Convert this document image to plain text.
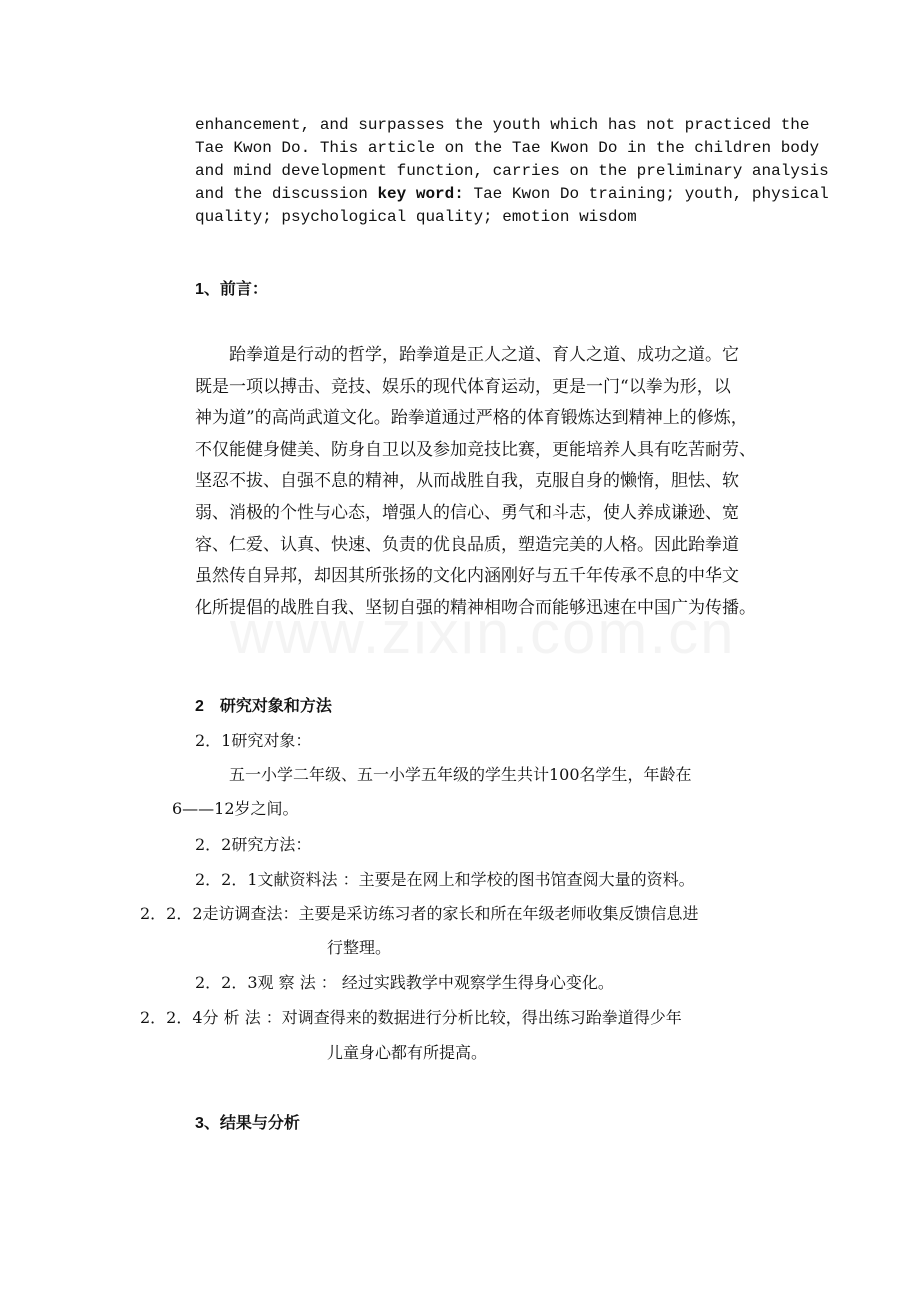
enhancement, and surpasses the youth which has not practiced the
Tae Kwon Do. This article on the Tae Kwon Do in the children body
and mind development function, carries on the preliminary analysis
and the discussion key word: Tae Kwon Do training; youth, physical
quality; psychological quality; emotion wisdom
1、前言：
　　跆拳道是行动的哲学，跆拳道是正人之道、育人之道、成功之道。它
既是一项以搏击、竞技、娱乐的现代体育运动，更是一门“以拳为形，以
神为道”的高尚武道文化。跆拳道通过严格的体育锻炼达到精神上的修炼，
不仅能健身健美、防身自卫以及参加竞技比赛，更能培养人具有吃苦耐劳、
坚忍不拔、自强不息的精神，从而战胜自我，克服自身的懒惰，胆怯、软
弱、消极的个性与心态，增强人的信心、勇气和斗志，使人养成谦逊、宽
容、仁爱、认真、快速、负责的优良品质，塑造完美的人格。因此跆拳道
虽然传自异邦，却因其所张扬的文化内涵刚好与五千年传承不息的中华文
化所提倡的战胜自我、坚韧自强的精神相吻合而能够迅速在中国广为传播。
2　研究对象和方法
2．1研究对象：
五一小学二年级、五一小学五年级的学生共计100名学生，年龄在
6——12岁之间。
2．2研究方法：
2．2．1文献资料法 ：主要是在网上和学校的图书馆查阅大量的资料。
2．2．2走访调查法：主要是采访练习者的家长和所在年级老师收集反馈信息进
行整理。
2．2．3观 察 法 ： 经过实践教学中观察学生得身心变化。
2．2．4分 析 法 ：对调查得来的数据进行分析比较，得出练习跆拳道得少年
儿童身心都有所提高。
3、结果与分析
